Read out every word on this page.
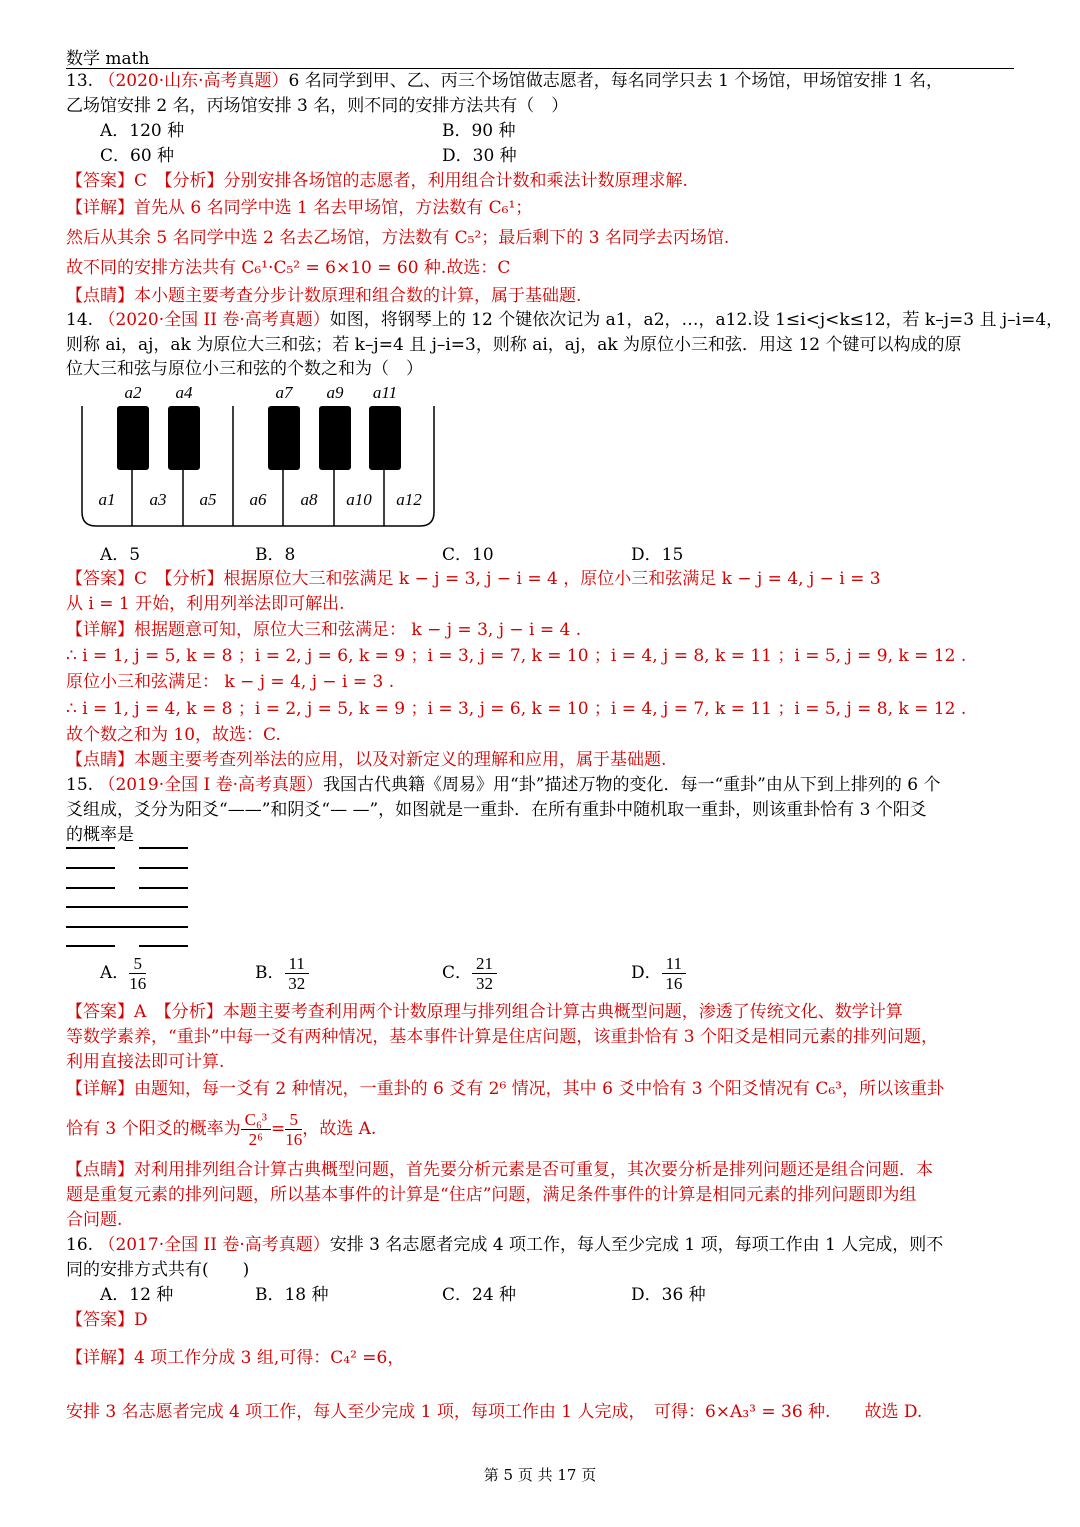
数学 math
13. （2020·山东·高考真题）6 名同学到甲、乙、丙三个场馆做志愿者，每名同学只去 1 个场馆，甲场馆安排 1 名，
乙场馆安排 2 名，丙场馆安排 3 名，则不同的安排方法共有（　）
A．120 种	B．90 种
C．60 种	D．30 种
【答案】C　【分析】分别安排各场馆的志愿者，利用组合计数和乘法计数原理求解.
【详解】首先从 6 名同学中选 1 名去甲场馆，方法数有 C₆¹；
然后从其余 5 名同学中选 2 名去乙场馆，方法数有 C₅²；最后剩下的 3 名同学去丙场馆.
故不同的安排方法共有 C₆¹·C₅² = 6×10 = 60 种.故选：C
【点睛】本小题主要考查分步计数原理和组合数的计算，属于基础题.
14. （2020·全国 II 卷·高考真题）如图，将钢琴上的 12 个键依次记为 a1，a2，…，a12.设 1≤i<j<k≤12，若 k–j=3 且 j–i=4，
则称 ai，aj，ak 为原位大三和弦；若 k–j=4 且 j–i=3，则称 ai，aj，ak 为原位小三和弦．用这 12 个键可以构成的原
位大三和弦与原位小三和弦的个数之和为（　）
a2 a4	a7 a9 a11
a1 a3 a5 a6 a8 a10 a12
A．5	B．8	C．10	D．15
【答案】C　【分析】根据原位大三和弦满足 k − j = 3, j − i = 4 ，原位小三和弦满足 k − j = 4, j − i = 3
从 i = 1 开始，利用列举法即可解出.
【详解】根据题意可知，原位大三和弦满足： k − j = 3, j − i = 4 .
∴ i = 1, j = 5, k = 8 ；i = 2, j = 6, k = 9 ；i = 3, j = 7, k = 10 ；i = 4, j = 8, k = 11 ；i = 5, j = 9, k = 12 .
原位小三和弦满足： k − j = 4, j − i = 3 .
∴ i = 1, j = 4, k = 8 ；i = 2, j = 5, k = 9 ；i = 3, j = 6, k = 10 ；i = 4, j = 7, k = 11 ；i = 5, j = 8, k = 12 .
故个数之和为 10，故选：C.
【点睛】本题主要考查列举法的应用，以及对新定义的理解和应用，属于基础题.
15. （2019·全国 I 卷·高考真题）我国古代典籍《周易》用“卦”描述万物的变化．每一“重卦”由从下到上排列的 6 个
爻组成，爻分为阳爻“——”和阴爻“— —”，如图就是一重卦．在所有重卦中随机取一重卦，则该重卦恰有 3 个阳爻
的概率是
A． $\frac{5}{16}$	B． $\frac{11}{32}$	C． $\frac{21}{32}$	D． $\frac{11}{16}$
【答案】A　【分析】本题主要考查利用两个计数原理与排列组合计算古典概型问题，渗透了传统文化、数学计算
等数学素养，“重卦”中每一爻有两种情况，基本事件计算是住店问题，该重卦恰有 3 个阳爻是相同元素的排列问题，
利用直接法即可计算.
【详解】由题知，每一爻有 2 种情况，一重卦的 6 爻有 2⁶ 情况，其中 6 爻中恰有 3 个阳爻情况有 C₆³，所以该重卦
恰有 3 个阳爻的概率为 $\frac{\text{C₆³}}{\text{2⁶}} = \frac{5}{16}$ ，故选 A.
【点睛】对利用排列组合计算古典概型问题，首先要分析元素是否可重复，其次要分析是排列问题还是组合问题．本
题是重复元素的排列问题，所以基本事件的计算是“住店”问题，满足条件事件的计算是相同元素的排列问题即为组
合问题.
16. （2017·全国 II 卷·高考真题）安排 3 名志愿者完成 4 项工作，每人至少完成 1 项，每项工作由 1 人完成，则不
同的安排方式共有(　　)
A．12 种	B．18 种	C．24 种	D．36 种
【答案】D
【详解】4 项工作分成 3 组,可得：C₄² =6，
安排 3 名志愿者完成 4 项工作，每人至少完成 1 项，每项工作由 1 人完成，　可得：6×A₃³ = 36 种.　　故选 D.
第 5 页 共 17 页
